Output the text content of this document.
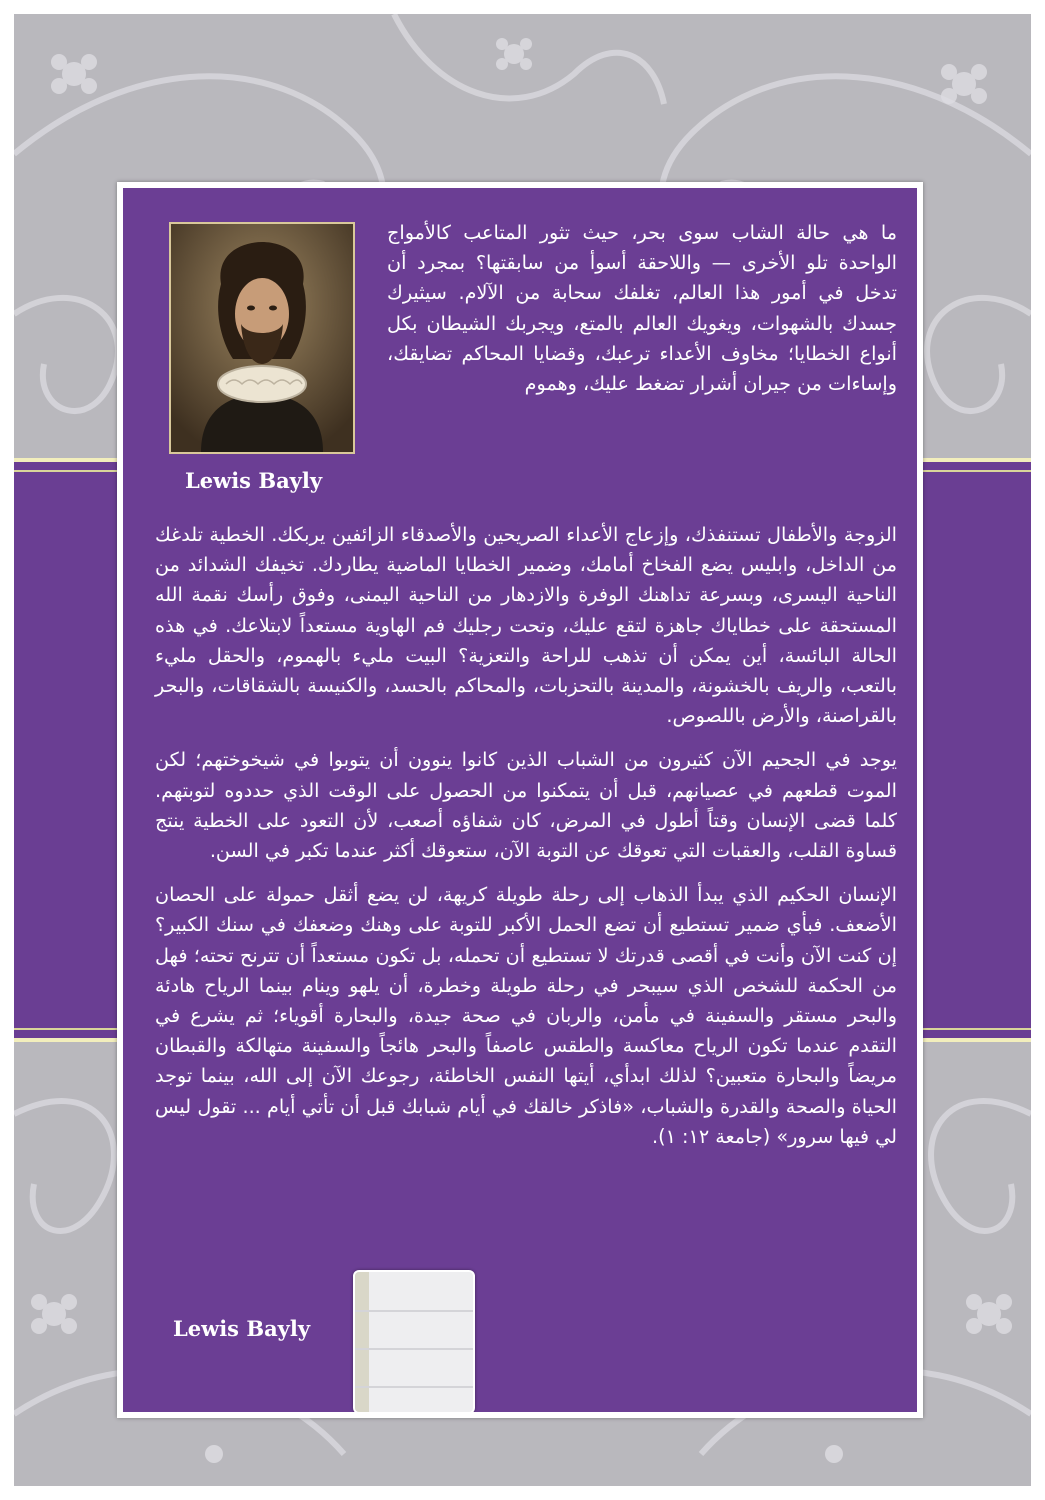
Lewis Bayly

ما هي حالة الشاب سوى بحر، حيث تثور المتاعب كالأمواج الواحدة تلو الأخرى — واللاحقة أسوأ من سابقتها؟ بمجرد أن تدخل في أمور هذا العالم، تغلفك سحابة من الآلام. سيثيرك جسدك بالشهوات، ويغويك العالم بالمتع، ويجربك الشيطان بكل أنواع الخطايا؛ مخاوف الأعداء ترعبك، وقضايا المحاكم تضايقك، وإساءات من جيران أشرار تضغط عليك، وهموم

الزوجة والأطفال تستنفذك، وإزعاج الأعداء الصريحين والأصدقاء الزائفين يربكك. الخطية تلدغك من الداخل، وابليس يضع الفخاخ أمامك، وضمير الخطايا الماضية يطاردك. تخيفك الشدائد من الناحية اليسرى، وبسرعة تداهنك الوفرة والازدهار من الناحية اليمنى، وفوق رأسك نقمة الله المستحقة على خطاياك جاهزة لتقع عليك، وتحت رجليك فم الهاوية مستعداً لابتلاعك. في هذه الحالة البائسة، أين يمكن أن تذهب للراحة والتعزية؟ البيت مليء بالهموم، والحقل مليء بالتعب، والريف بالخشونة، والمدينة بالتحزبات، والمحاكم بالحسد، والكنيسة بالشقاقات، والبحر بالقراصنة، والأرض باللصوص.

يوجد في الجحيم الآن كثيرون من الشباب الذين كانوا ينوون أن يتوبوا في شيخوختهم؛ لكن الموت قطعهم في عصيانهم، قبل أن يتمكنوا من الحصول على الوقت الذي حددوه لتوبتهم. كلما قضى الإنسان وقتاً أطول في المرض، كان شفاؤه أصعب، لأن التعود على الخطية ينتج قساوة القلب، والعقبات التي تعوقك عن التوبة الآن، ستعوقك أكثر عندما تكبر في السن.

الإنسان الحكيم الذي يبدأ الذهاب إلى رحلة طويلة كريهة، لن يضع أثقل حمولة على الحصان الأضعف. فبأي ضمير تستطيع أن تضع الحمل الأكبر للتوبة على وهنك وضعفك في سنك الكبير؟ إن كنت الآن وأنت في أقصى قدرتك لا تستطيع أن تحمله، بل تكون مستعداً أن تترنح تحته؛ فهل من الحكمة للشخص الذي سيبحر في رحلة طويلة وخطرة، أن يلهو وينام بينما الرياح هادئة والبحر مستقر والسفينة في مأمن، والربان في صحة جيدة، والبحارة أقوياء؛ ثم يشرع في التقدم عندما تكون الرياح معاكسة والطقس عاصفاً والبحر هائجاً والسفينة متهالكة والقبطان مريضاً والبحارة متعبين؟ لذلك ابدأي، أيتها النفس الخاطئة، رجوعك الآن إلى الله، بينما توجد الحياة والصحة والقدرة والشباب، «فاذكر خالقك في أيام شبابك قبل أن تأتي أيام ... تقول ليس لي فيها سرور» (جامعة ١٢: ١).

Lewis Bayly
